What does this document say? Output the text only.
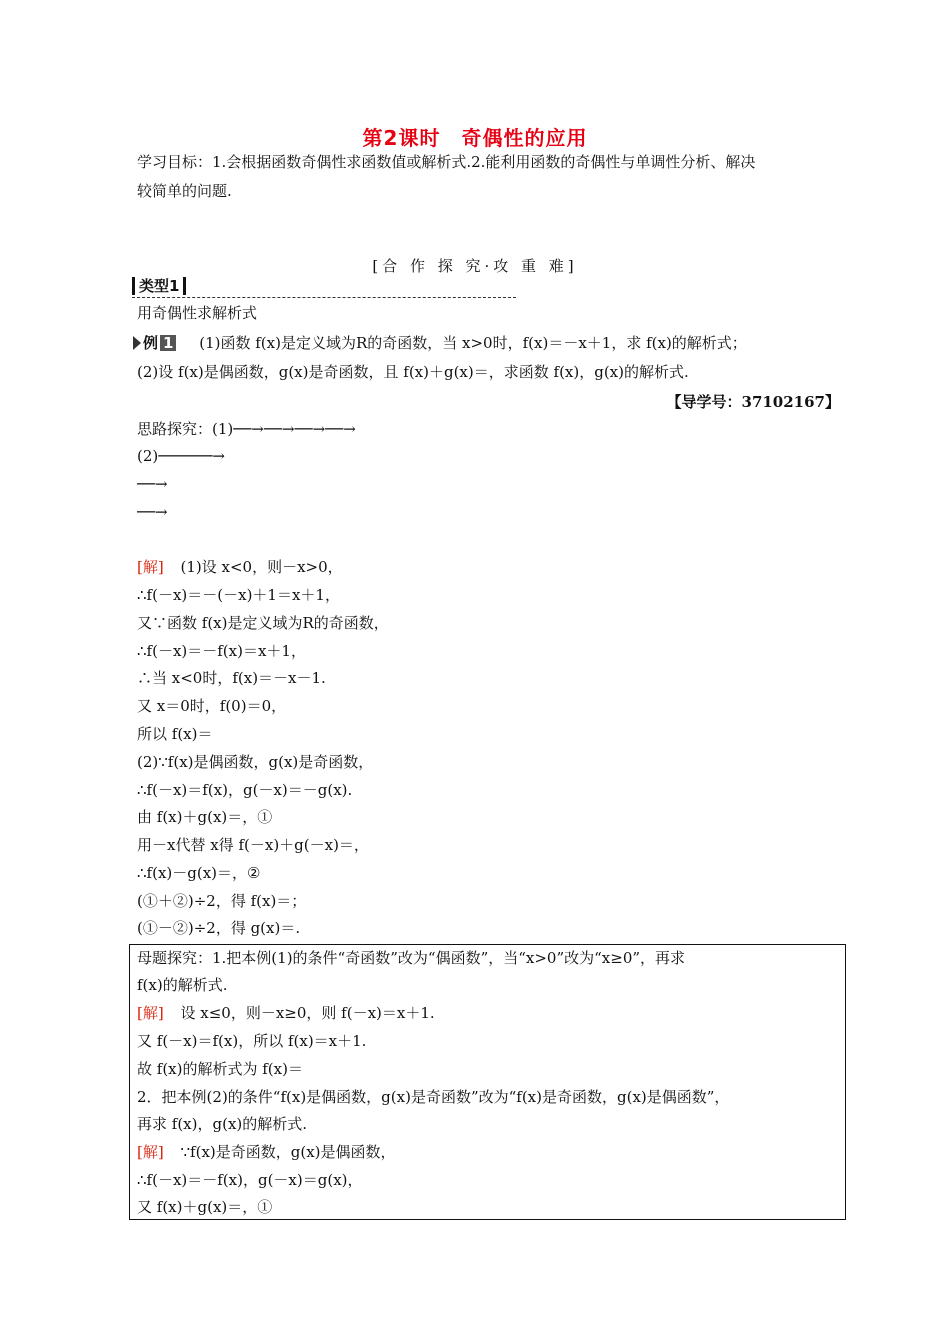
第2课时　奇偶性的应用
学习目标：1.会根据函数奇偶性求函数值或解析式.2.能利用函数的奇偶性与单调性分析、解决
较简单的问题.
[合 作 探 究·攻 重 难]
类型1
用奇偶性求解析式
例 1 (1)函数 f(x)是定义域为R的奇函数，当 x>0时，f(x)＝－x＋1，求 f(x)的解析式；
(2)设 f(x)是偶函数，g(x)是奇函数，且 f(x)＋g(x)＝，求函数 f(x)，g(x)的解析式.
【导学号：37102167】
思路探究：(1)──→──→──→──→
(2)──────→
──→
──→
[解] (1)设 x<0，则－x>0，
∴f(－x)＝－(－x)＋1＝x＋1，
又∵函数 f(x)是定义域为R的奇函数，
∴f(－x)＝－f(x)＝x＋1，
∴当 x<0时，f(x)＝－x－1.
又 x＝0时，f(0)＝0，
所以 f(x)＝
(2)∵f(x)是偶函数，g(x)是奇函数，
∴f(－x)＝f(x)，g(－x)＝－g(x).
由 f(x)＋g(x)＝，①
用－x代替 x得 f(－x)＋g(－x)＝，
∴f(x)－g(x)＝，②
(①＋②)÷2，得 f(x)＝；
(①－②)÷2，得 g(x)＝.
母题探究：1.把本例(1)的条件“奇函数”改为“偶函数”，当“x>0”改为“x≥0”，再求
f(x)的解析式.
[解] 设 x≤0，则－x≥0，则 f(－x)＝x＋1.
又 f(－x)＝f(x)，所以 f(x)＝x＋1.
故 f(x)的解析式为 f(x)＝
2．把本例(2)的条件“f(x)是偶函数，g(x)是奇函数”改为“f(x)是奇函数，g(x)是偶函数”，
再求 f(x)，g(x)的解析式.
[解] ∵f(x)是奇函数，g(x)是偶函数，
∴f(－x)＝－f(x)，g(－x)＝g(x)，
又 f(x)＋g(x)＝，①
